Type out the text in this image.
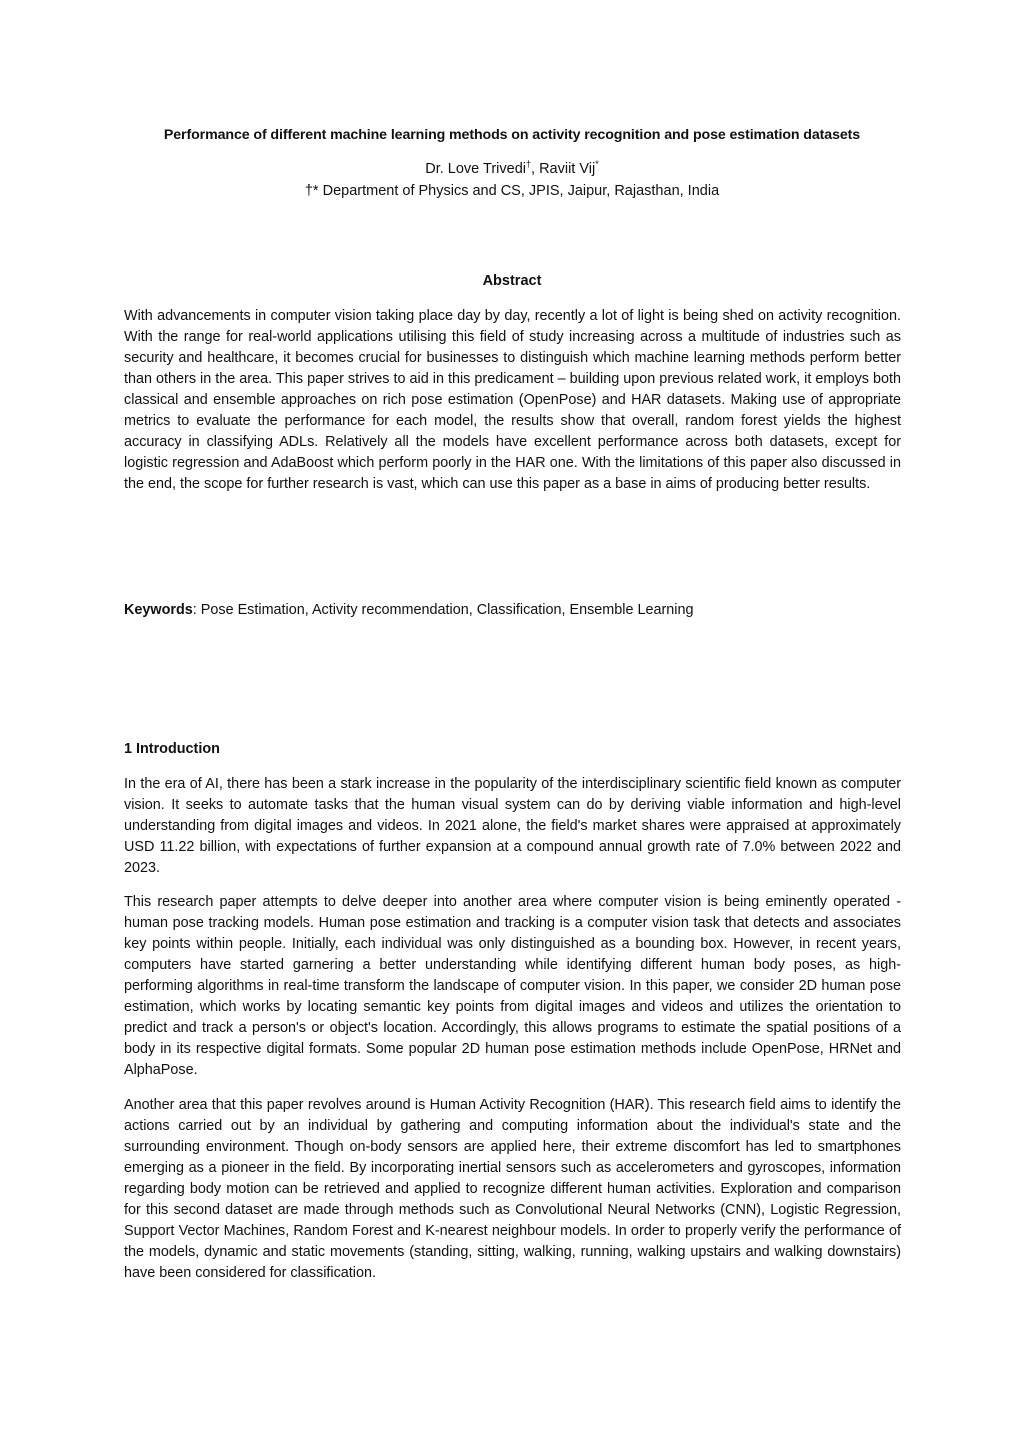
Performance of different machine learning methods on activity recognition and pose estimation datasets
Dr. Love Trivedi†, Raviit Vij*
†* Department of Physics and CS, JPIS, Jaipur, Rajasthan, India
Abstract

With advancements in computer vision taking place day by day, recently a lot of light is being shed on activity recognition. With the range for real-world applications utilising this field of study increasing across a multitude of industries such as security and healthcare, it becomes crucial for businesses to distinguish which machine learning methods perform better than others in the area. This paper strives to aid in this predicament – building upon previous related work, it employs both classical and ensemble approaches on rich pose estimation (OpenPose) and HAR datasets. Making use of appropriate metrics to evaluate the performance for each model, the results show that overall, random forest yields the highest accuracy in classifying ADLs. Relatively all the models have excellent performance across both datasets, except for logistic regression and AdaBoost which perform poorly in the HAR one. With the limitations of this paper also discussed in the end, the scope for further research is vast, which can use this paper as a base in aims of producing better results.

Keywords: Pose Estimation, Activity recommendation, Classification, Ensemble Learning
1 Introduction

In the era of AI, there has been a stark increase in the popularity of the interdisciplinary scientific field known as computer vision. It seeks to automate tasks that the human visual system can do by deriving viable information and high-level understanding from digital images and videos. In 2021 alone, the field's market shares were appraised at approximately USD 11.22 billion, with expectations of further expansion at a compound annual growth rate of 7.0% between 2022 and 2023.

This research paper attempts to delve deeper into another area where computer vision is being eminently operated - human pose tracking models. Human pose estimation and tracking is a computer vision task that detects and associates key points within people. Initially, each individual was only distinguished as a bounding box. However, in recent years, computers have started garnering a better understanding while identifying different human body poses, as high-performing algorithms in real-time transform the landscape of computer vision. In this paper, we consider 2D human pose estimation, which works by locating semantic key points from digital images and videos and utilizes the orientation to predict and track a person's or object's location. Accordingly, this allows programs to estimate the spatial positions of a body in its respective digital formats. Some popular 2D human pose estimation methods include OpenPose, HRNet and AlphaPose.

Another area that this paper revolves around is Human Activity Recognition (HAR). This research field aims to identify the actions carried out by an individual by gathering and computing information about the individual's state and the surrounding environment. Though on-body sensors are applied here, their extreme discomfort has led to smartphones emerging as a pioneer in the field. By incorporating inertial sensors such as accelerometers and gyroscopes, information regarding body motion can be retrieved and applied to recognize different human activities. Exploration and comparison for this second dataset are made through methods such as Convolutional Neural Networks (CNN), Logistic Regression, Support Vector Machines, Random Forest and K-nearest neighbour models. In order to properly verify the performance of the models, dynamic and static movements (standing, sitting, walking, running, walking upstairs and walking downstairs) have been considered for classification.
